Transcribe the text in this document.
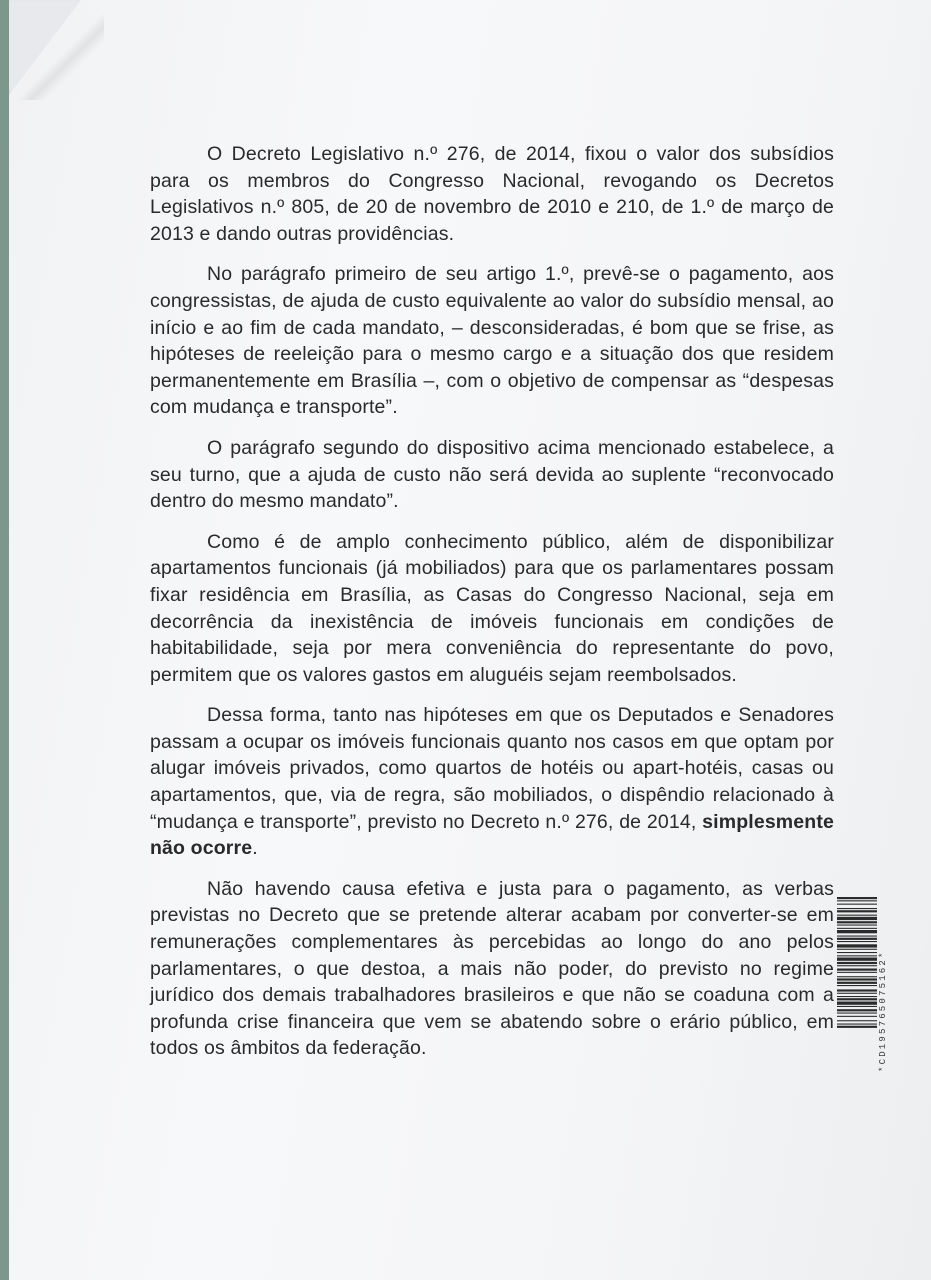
O Decreto Legislativo n.º 276, de 2014, fixou o valor dos subsídios para os membros do Congresso Nacional, revogando os Decretos Legislativos n.º 805, de 20 de novembro de 2010 e 210, de 1.º de março de 2013 e dando outras providências.

No parágrafo primeiro de seu artigo 1.º, prevê-se o pagamento, aos congressistas, de ajuda de custo equivalente ao valor do subsídio mensal, ao início e ao fim de cada mandato, – desconsideradas, é bom que se frise, as hipóteses de reeleição para o mesmo cargo e a situação dos que residem permanentemente em Brasília –, com o objetivo de compensar as “despesas com mudança e transporte”.

O parágrafo segundo do dispositivo acima mencionado estabelece, a seu turno, que a ajuda de custo não será devida ao suplente “reconvocado dentro do mesmo mandato”.

Como é de amplo conhecimento público, além de disponibilizar apartamentos funcionais (já mobiliados) para que os parlamentares possam fixar residência em Brasília, as Casas do Congresso Nacional, seja em decorrência da inexistência de imóveis funcionais em condições de habitabilidade, seja por mera conveniência do representante do povo, permitem que os valores gastos em aluguéis sejam reembolsados.

Dessa forma, tanto nas hipóteses em que os Deputados e Senadores passam a ocupar os imóveis funcionais quanto nos casos em que optam por alugar imóveis privados, como quartos de hotéis ou apart-hotéis, casas ou apartamentos, que, via de regra, são mobiliados, o dispêndio relacionado à “mudança e transporte”, previsto no Decreto n.º 276, de 2014, simplesmente não ocorre.

Não havendo causa efetiva e justa para o pagamento, as verbas previstas no Decreto que se pretende alterar acabam por converter-se em remunerações complementares às percebidas ao longo do ano pelos parlamentares, o que destoa, a mais não poder, do previsto no regime jurídico dos demais trabalhadores brasileiros e que não se coaduna com a profunda crise financeira que vem se abatendo sobre o erário público, em todos os âmbitos da federação.	*CD195765075162*
